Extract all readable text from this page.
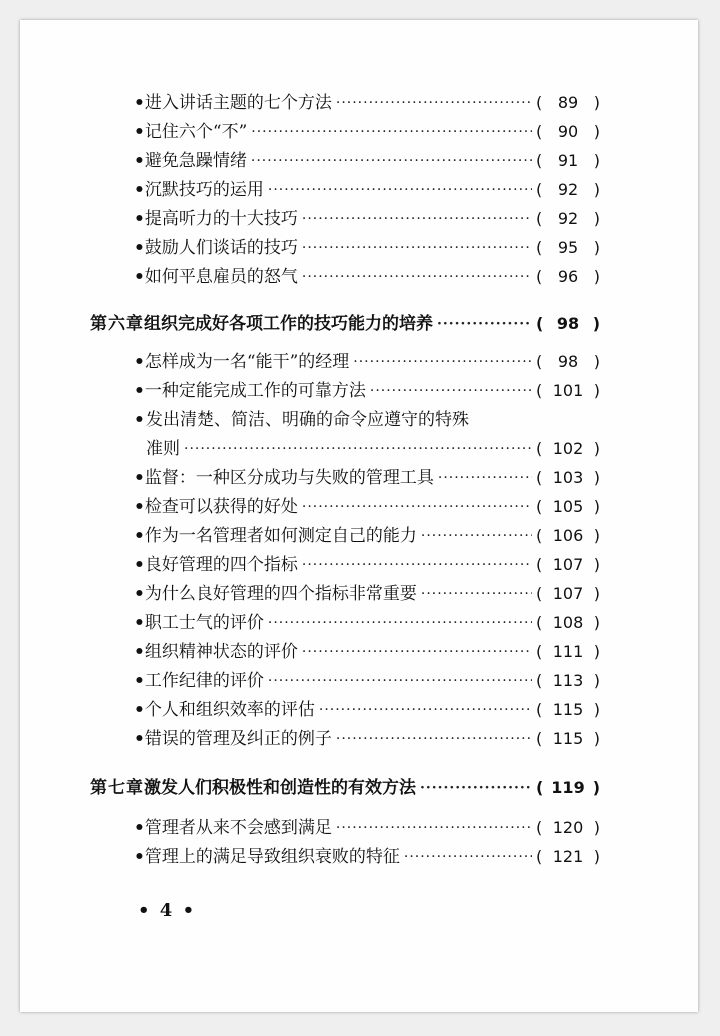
• 进入讲话主题的七个方法 ·····	( 89 )
• 记住六个“不” ·····	( 90 )
• 避免急躁情绪 ·····	( 91 )
• 沉默技巧的运用 ·····	( 92 )
• 提高听力的十大技巧 ·····	( 92 )
• 鼓励人们谈话的技巧 ·····	( 95 )
• 如何平息雇员的怒气 ·····	( 96 )
第六章 组织完成好各项工作的技巧能力的培养 ·····	( 98 )
• 怎样成为一名“能干”的经理 ·····	( 98 )
• 一种定能完成工作的可靠方法 ·····	( 101 )
•发出清楚、简洁、明确的命令应遵守的特殊
准则 ·····	( 102 )
• 监督：一种区分成功与失败的管理工具 ·····	( 103 )
• 检查可以获得的好处 ·····	( 105 )
• 作为一名管理者如何测定自己的能力 ·····	( 106 )
• 良好管理的四个指标 ·····	( 107 )
• 为什么良好管理的四个指标非常重要 ·····	( 107 )
• 职工士气的评价 ·····	( 108 )
• 组织精神状态的评价 ·····	( 111 )
• 工作纪律的评价 ·····	( 113 )
• 个人和组织效率的评估 ·····	( 115 )
• 错误的管理及纠正的例子 ·····	( 115 )
第七章 激发人们积极性和创造性的有效方法 ·····	( 119 )
• 管理者从来不会感到满足 ·····	( 120 )
• 管理上的满足导致组织衰败的特征 ·····	( 121 )
• 4 •
